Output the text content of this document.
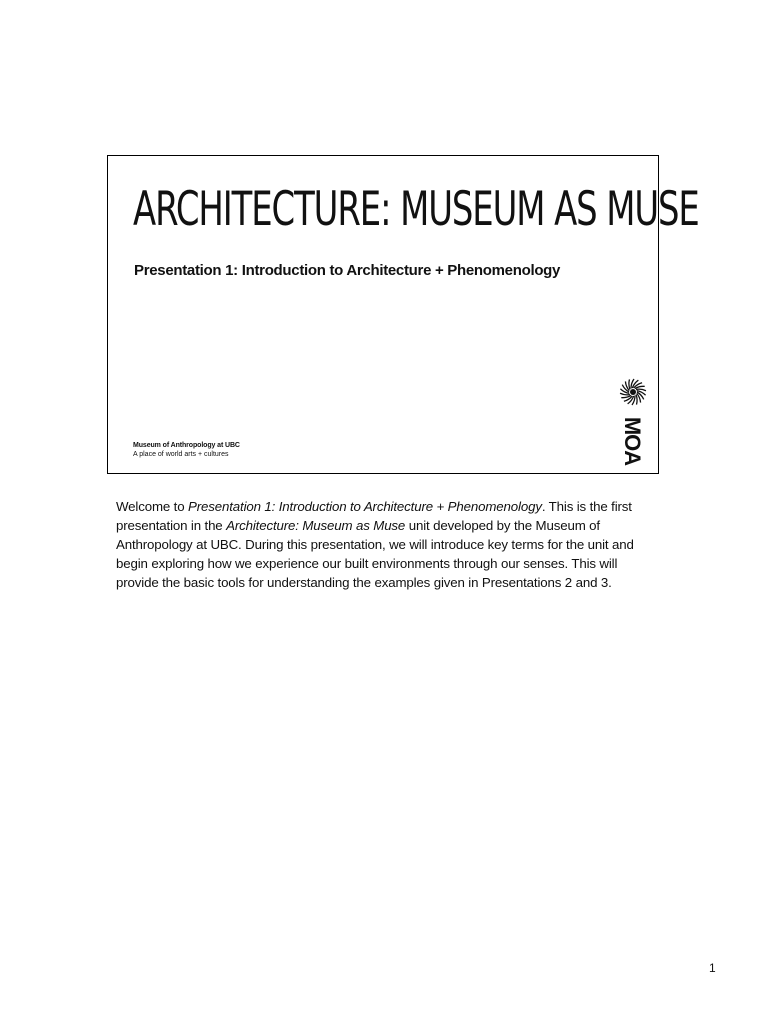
ARCHITECTURE: MUSEUM AS MUSE
Presentation 1: Introduction to Architecture + Phenomenology
Museum of Anthropology at UBC
A place of world arts + cultures	MOA
Welcome to Presentation 1: Introduction to Architecture + Phenomenology. This is the first presentation in the Architecture: Museum as Muse unit developed by the Museum of Anthropology at UBC. During this presentation, we will introduce key terms for the unit and begin exploring how we experience our built environments through our senses. This will provide the basic tools for understanding the examples given in Presentations 2 and 3.
1
